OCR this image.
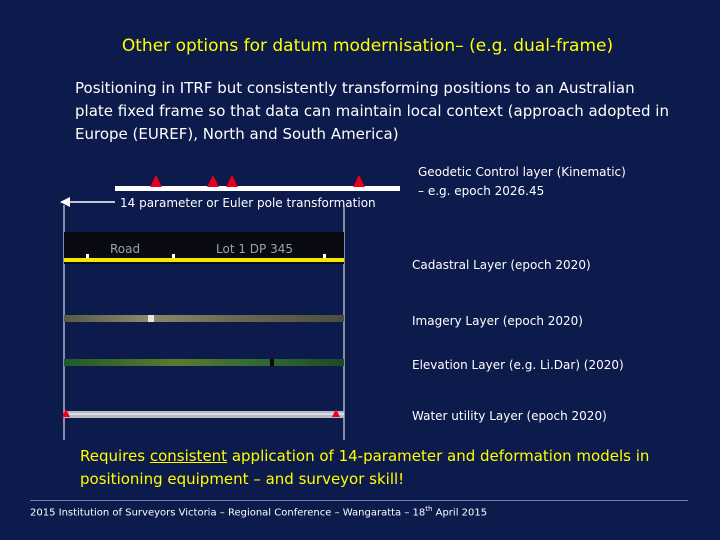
Other options for datum modernisation– (e.g. dual-frame)
Positioning in ITRF but consistently transforming positions to an Australian plate fixed frame so that data can maintain local context (approach adopted in Europe (EUREF), North and South America)
Road	Lot 1 DP 345
14 parameter or Euler pole transformation
Geodetic Control layer (Kinematic)
– e.g. epoch 2026.45
Cadastral Layer (epoch 2020)
Imagery Layer (epoch 2020)
Elevation Layer (e.g. Li.Dar) (2020)
Water utility Layer (epoch 2020)
Requires consistent application of 14-parameter and deformation models in positioning equipment – and surveyor skill!
2015 Institution of Surveyors Victoria – Regional Conference – Wangaratta – 18th April 2015
